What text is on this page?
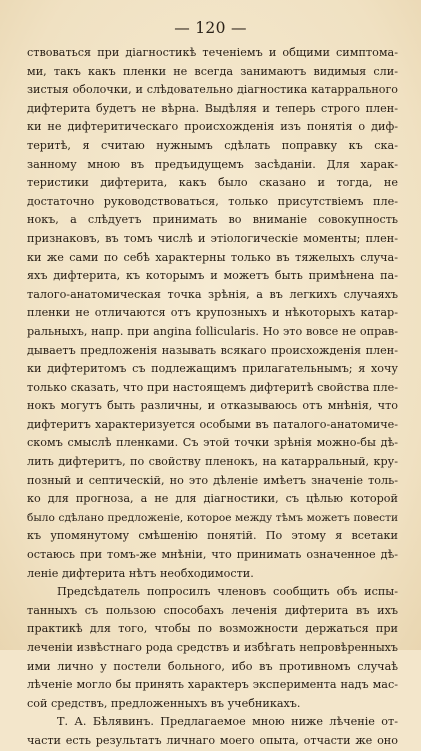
— 120 —
ствоваться при діагностикѣ теченіемъ и общими симптома-
ми, такъ какъ пленки не всегда занимаютъ видимыя сли-
зистыя оболочки, и слѣдовательно діагностика катаррального
дифтерита будетъ не вѣрна. Выдѣляя и теперь строго плен-
ки не дифтеритическаго происхожденія изъ понятія о диф-
теритѣ, я считаю нужнымъ сдѣлать поправку къ ска-
занному мною въ предъидущемъ засѣданіи. Для харак-
теристики дифтерита, какъ было сказано и тогда, не
достаточно руководствоваться, только присутствіемъ пле-
нокъ, а слѣдуетъ принимать во вниманіе совокупность
признаковъ, въ томъ числѣ и этіологическіе моменты; плен-
ки же сами по себѣ характерны только въ тяжелыхъ случа-
яхъ дифтерита, къ которымъ и можетъ быть примѣнена па-
талого-анатомическая точка зрѣнія, а въ легкихъ случаяхъ
пленки не отличаются отъ крупозныхъ и нѣкоторыхъ катар-
ральныхъ, напр. при angina follicularis. Но это вовсе не оправ-
дываетъ предложенія называть всякаго происхожденія плен-
ки дифтеритомъ съ подлежащимъ прилагательнымъ; я хочу
только сказать, что при настоящемъ дифтеритѣ свойства пле-
нокъ могутъ быть различны, и отказываюсь отъ мнѣнія, что
дифтеритъ характеризуется особыми въ паталого-анатомиче-
скомъ смыслѣ пленками. Съ этой точки зрѣнія можно-бы дѣ-
лить дифтеритъ, по свойству пленокъ, на катарральный, кру-
позный и септическій, но это дѣленіе имѣетъ значеніе толь-
ко для прогноза, а не для діагностики, съ цѣлью которой
было сдѣлано предложеніе, которое между тѣмъ можетъ повести
къ упомянутому смѣшенію понятій. По этому я всетаки
остаюсь при томъ-же мнѣніи, что принимать означенное дѣ-
леніе дифтерита нѣтъ необходимости.
Предсѣдатель попросилъ членовъ сообщить объ испы-
танныхъ съ пользою способахъ леченія дифтерита въ ихъ
практикѣ для того, чтобы по возможности держаться при
леченіи извѣстнаго рода средствъ и избѣгать непровѣренныхъ
ими лично у постели больного, ибо въ противномъ случаѣ
лѣченіе могло бы принять характеръ эксперимента надъ мас-
сой средствъ, предложенныхъ въ учебникахъ.
Т. А. Бѣлявинъ. Предлагаемое мною ниже лѣченіе от-
части есть результатъ личнаго моего опыта, отчасти же оно
